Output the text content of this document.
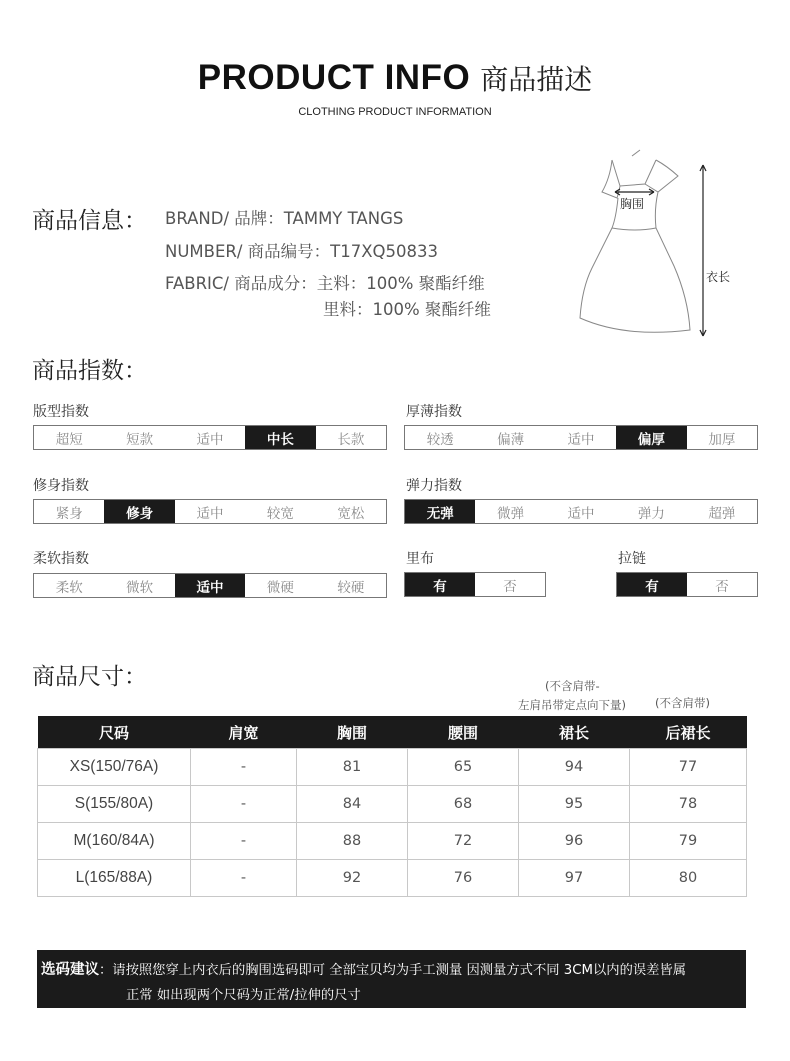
PRODUCT INFO 商品描述
CLOTHING PRODUCT INFORMATION
商品信息： BRAND/ 品牌：TAMMY TANGS
NUMBER/ 商品编号：T17XQ50833
FABRIC/ 商品成分：主料：100% 聚酯纤维
里料：100% 聚酯纤维
胸围
衣长
商品指数：
版型指数
超短	短款	适中	中长	长款
厚薄指数
较透	偏薄	适中	偏厚	加厚
修身指数
紧身	修身	适中	较宽	宽松
弹力指数
无弹	微弹	适中	弹力	超弹
柔软指数
柔软	微软	适中	微硬	较硬
里布
有	否
拉链
有	否
商品尺寸：	(不含肩带-
左肩吊带定点向下量)	(不含肩带)
尺码	肩宽	胸围	腰围	裙长	后裙长
XS(150/76A)	-	81	65	94	77
S(155/80A)	-	84	68	95	78
M(160/84A)	-	88	72	96	79
L(165/88A)	-	92	76	97	80
选码建议：请按照您穿上内衣后的胸围选码即可 全部宝贝均为手工测量 因测量方式不同 3CM以内的误差皆属
正常 如出现两个尺码为正常/拉伸的尺寸
